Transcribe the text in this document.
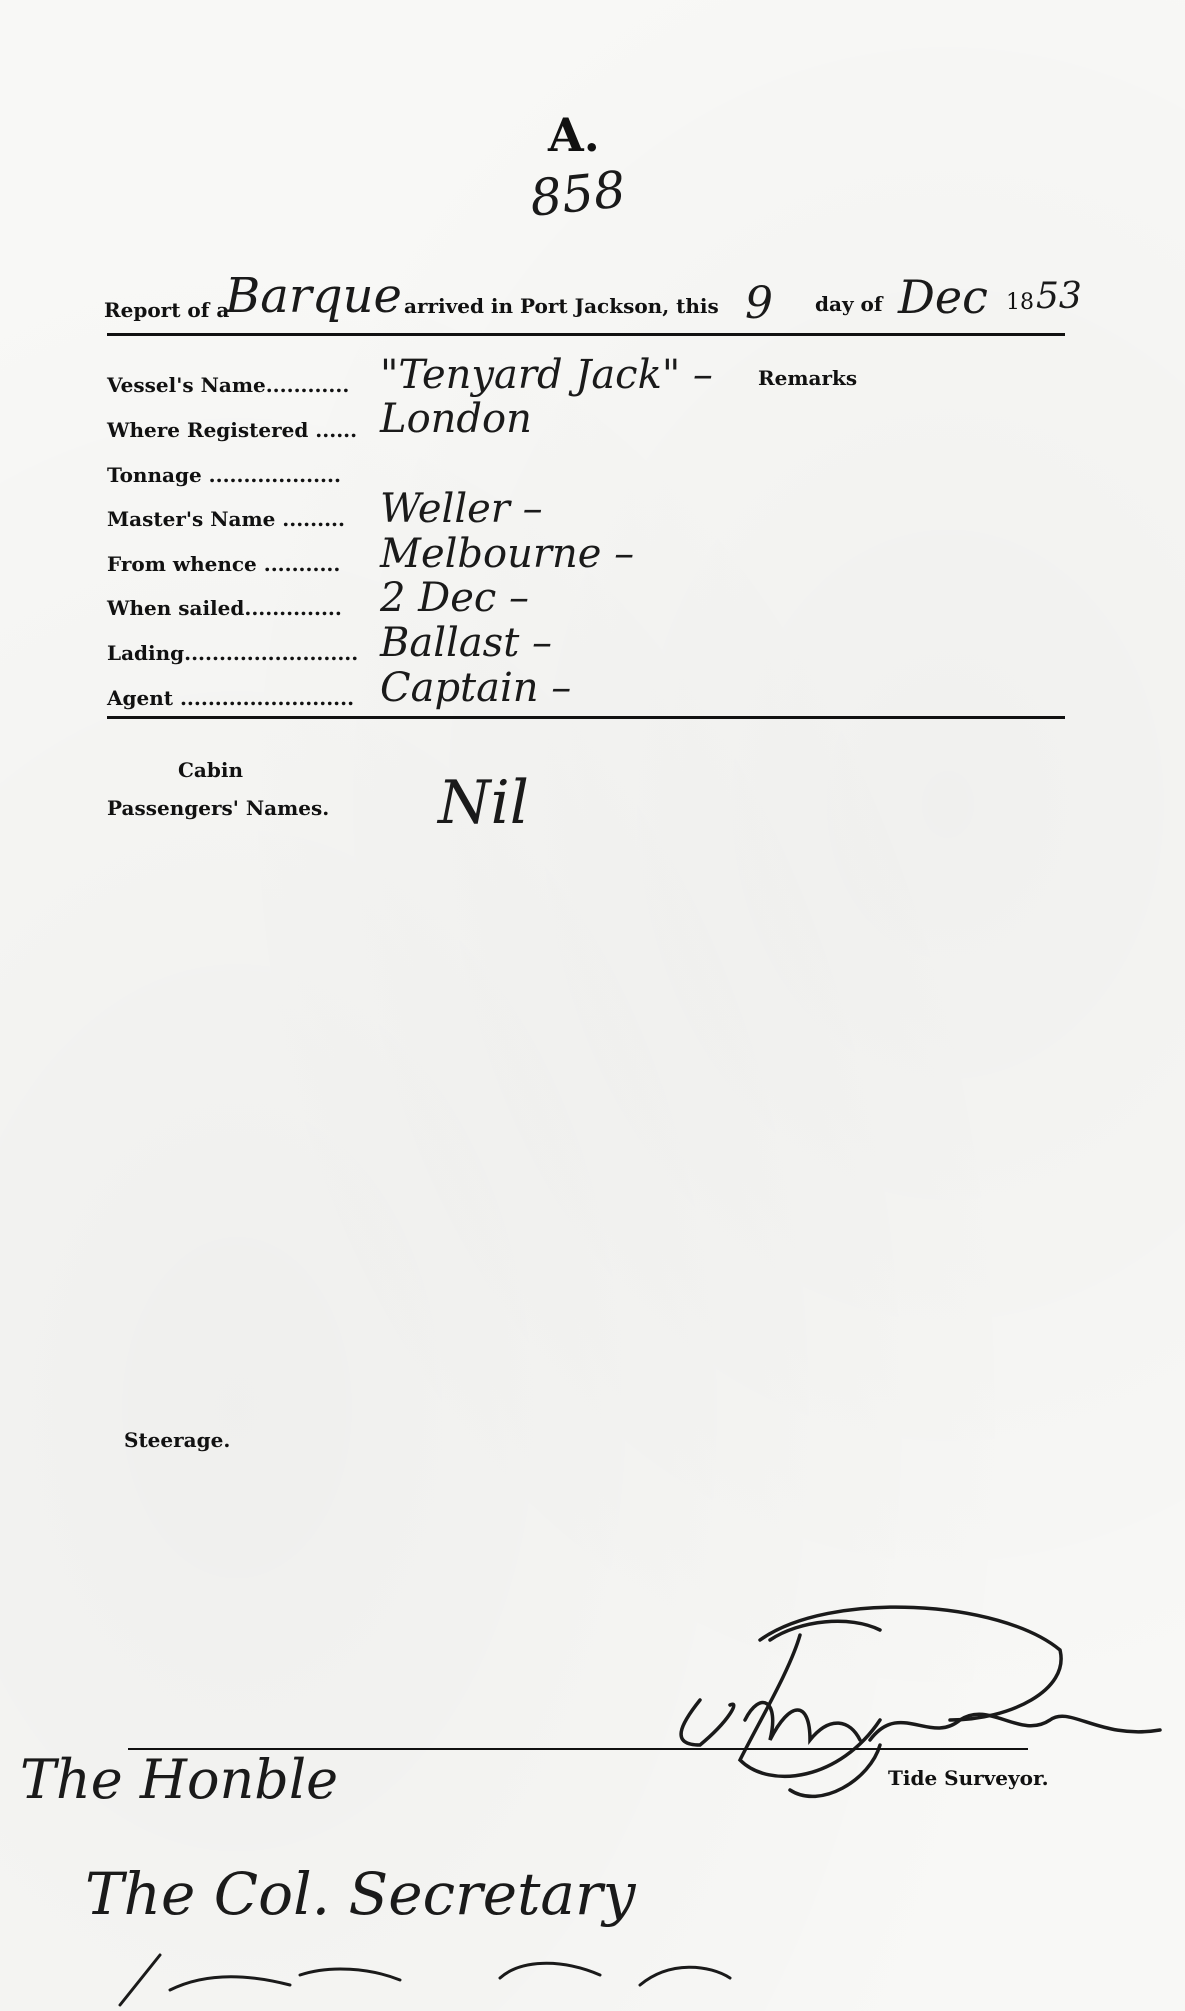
A.
858
Report of a
Barque arrived in Port Jackson, this 9 day of Dec 18 53
Vessel's Name............ "Tenyard Jack" – Remarks
Where Registered ...... London
Tonnage ...................
Master's Name ......... Weller –
From whence ........... Melbourne –
When sailed.............. 2 Dec –
Lading......................... Ballast –
Agent ......................... Captain –
Cabin
Passengers' Names. Nil
Steerage.
Tide Surveyor.
The Honble
The Col. Secretary
